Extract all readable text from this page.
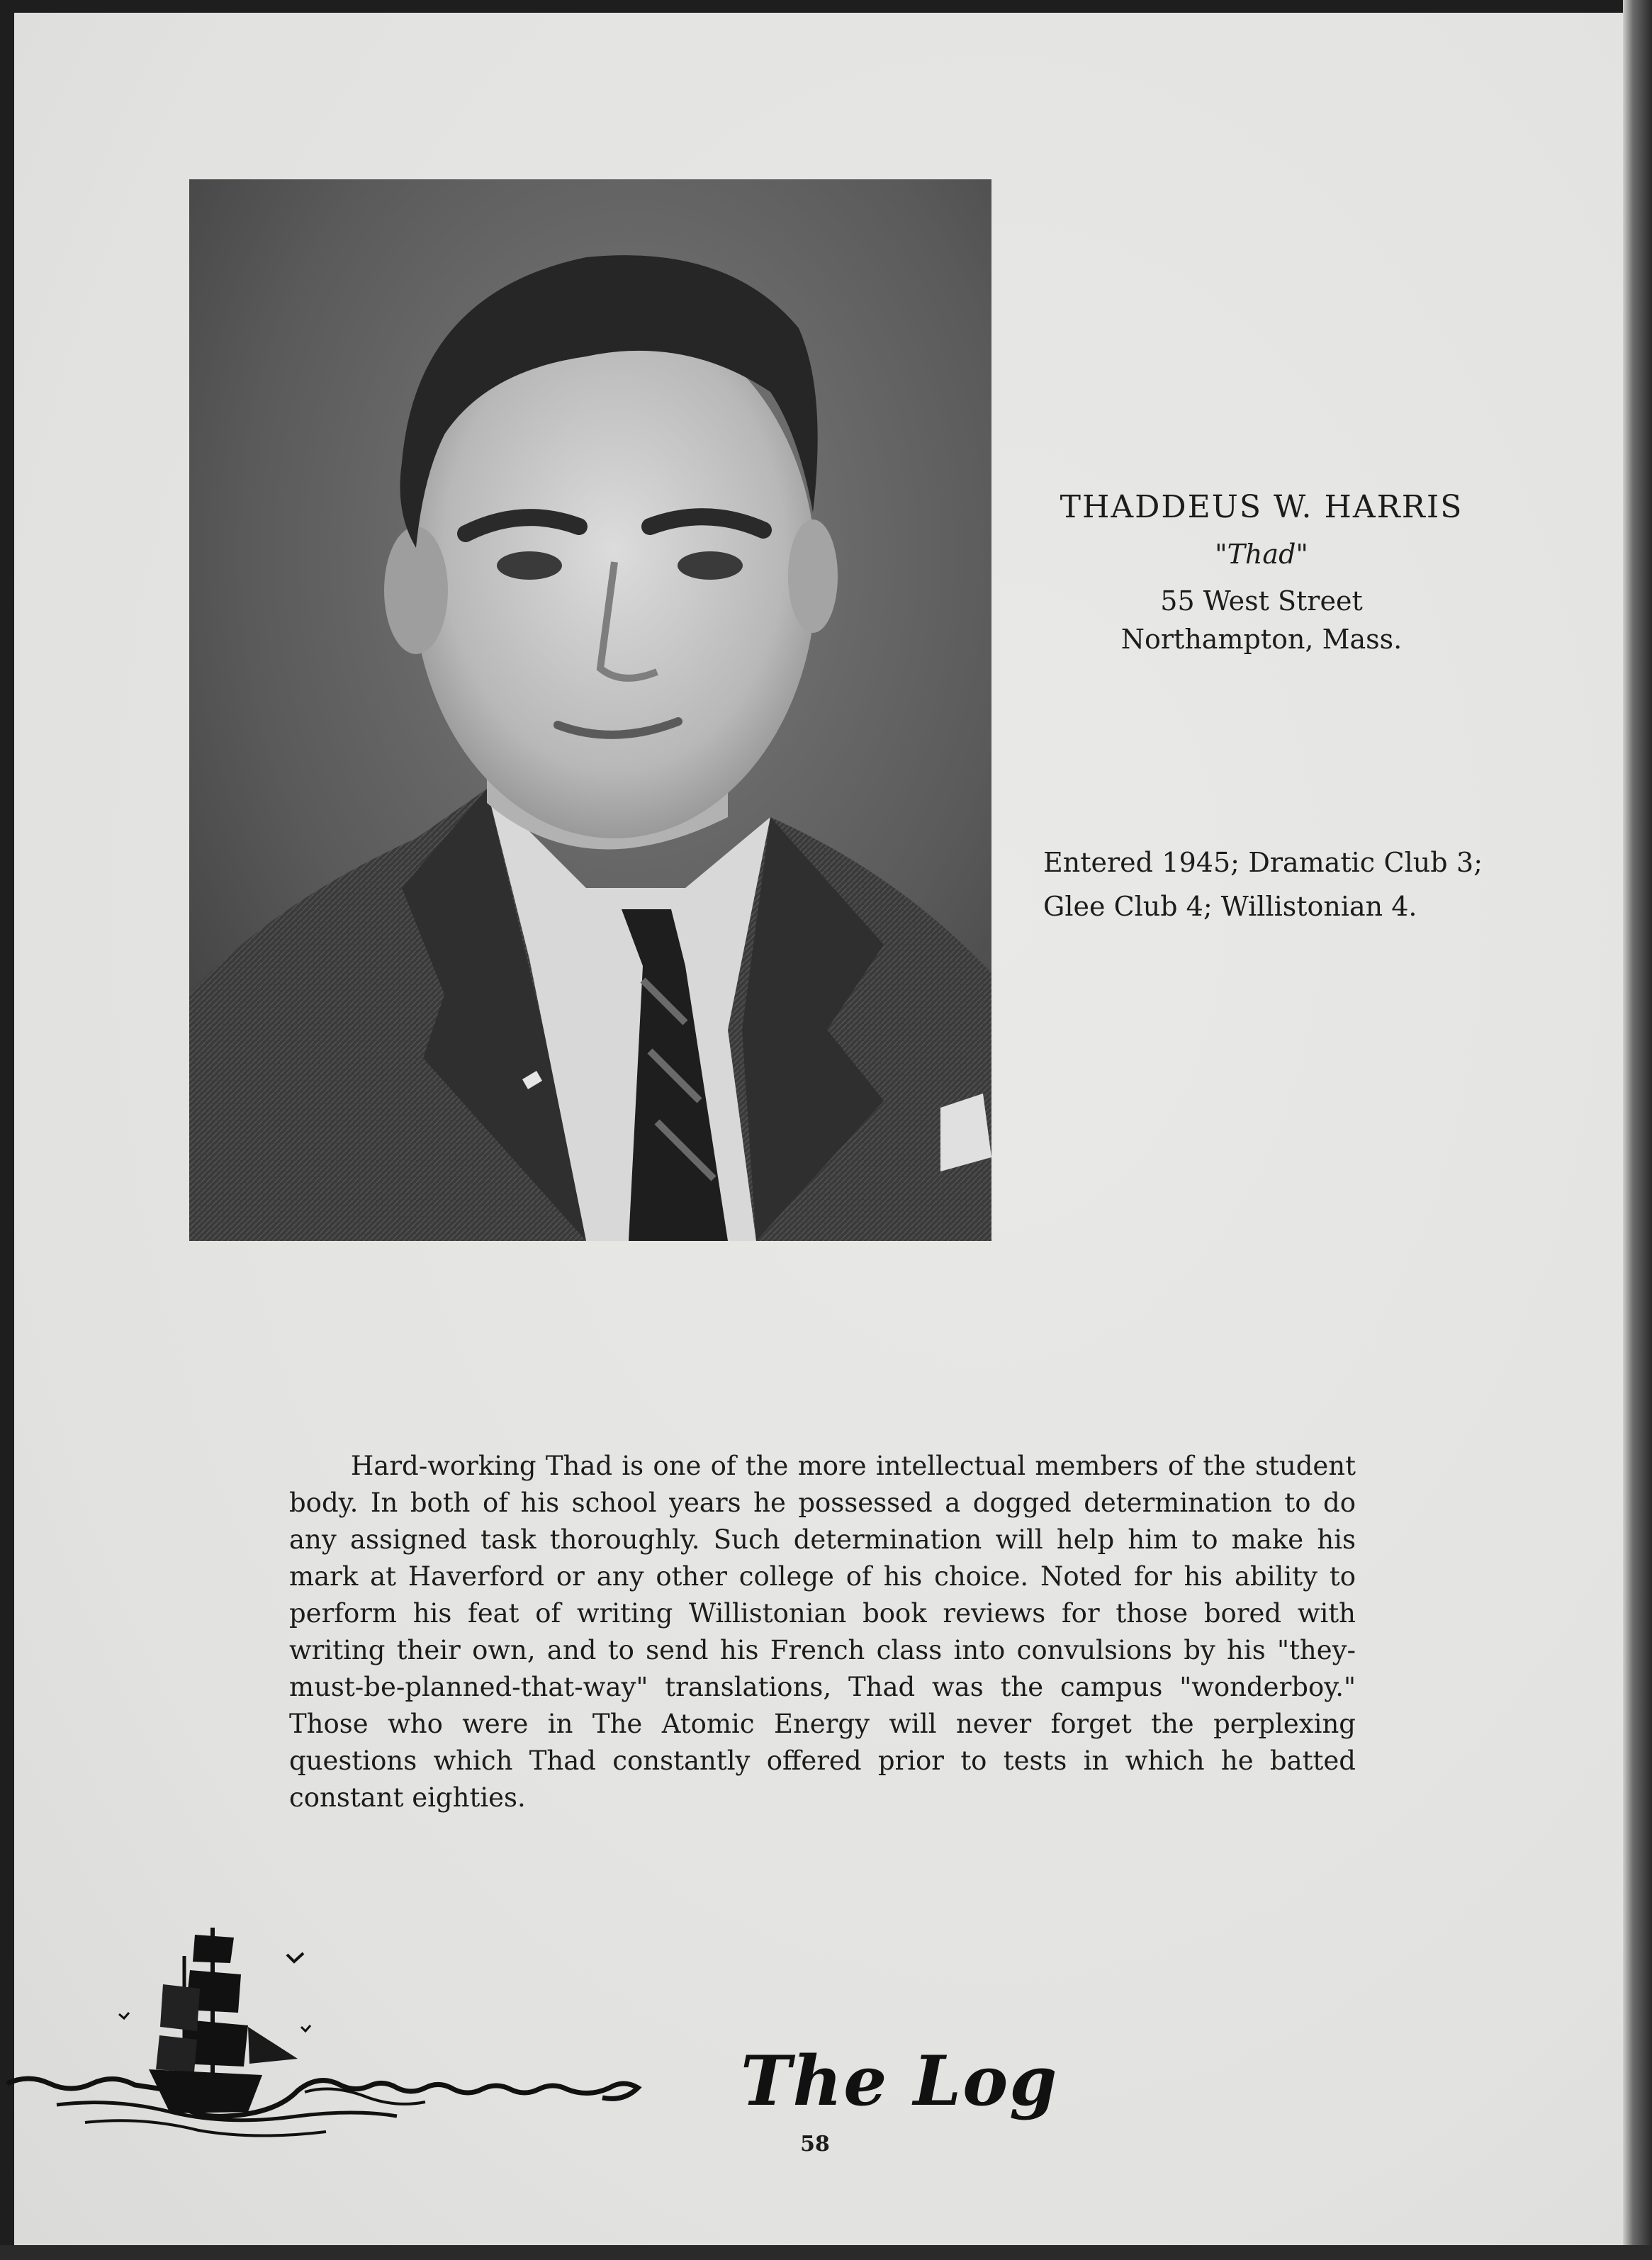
THADDEUS W. HARRIS
"Thad"
55 West Street
Northampton, Mass.
Entered 1945; Dramatic Club 3; Glee Club 4; Willistonian 4.
Hard-working Thad is one of the more intellectual members of the student body. In both of his school years he possessed a dogged determination to do any assigned task thoroughly. Such determination will help him to make his mark at Haverford or any other college of his choice. Noted for his ability to perform his feat of writing Willistonian book reviews for those bored with writing their own, and to send his French class into convulsions by his "they-must-be-planned-that-way" translations, Thad was the campus "wonderboy." Those who were in The Atomic Energy will never forget the perplexing questions which Thad constantly offered prior to tests in which he batted constant eighties.
The Log
58
